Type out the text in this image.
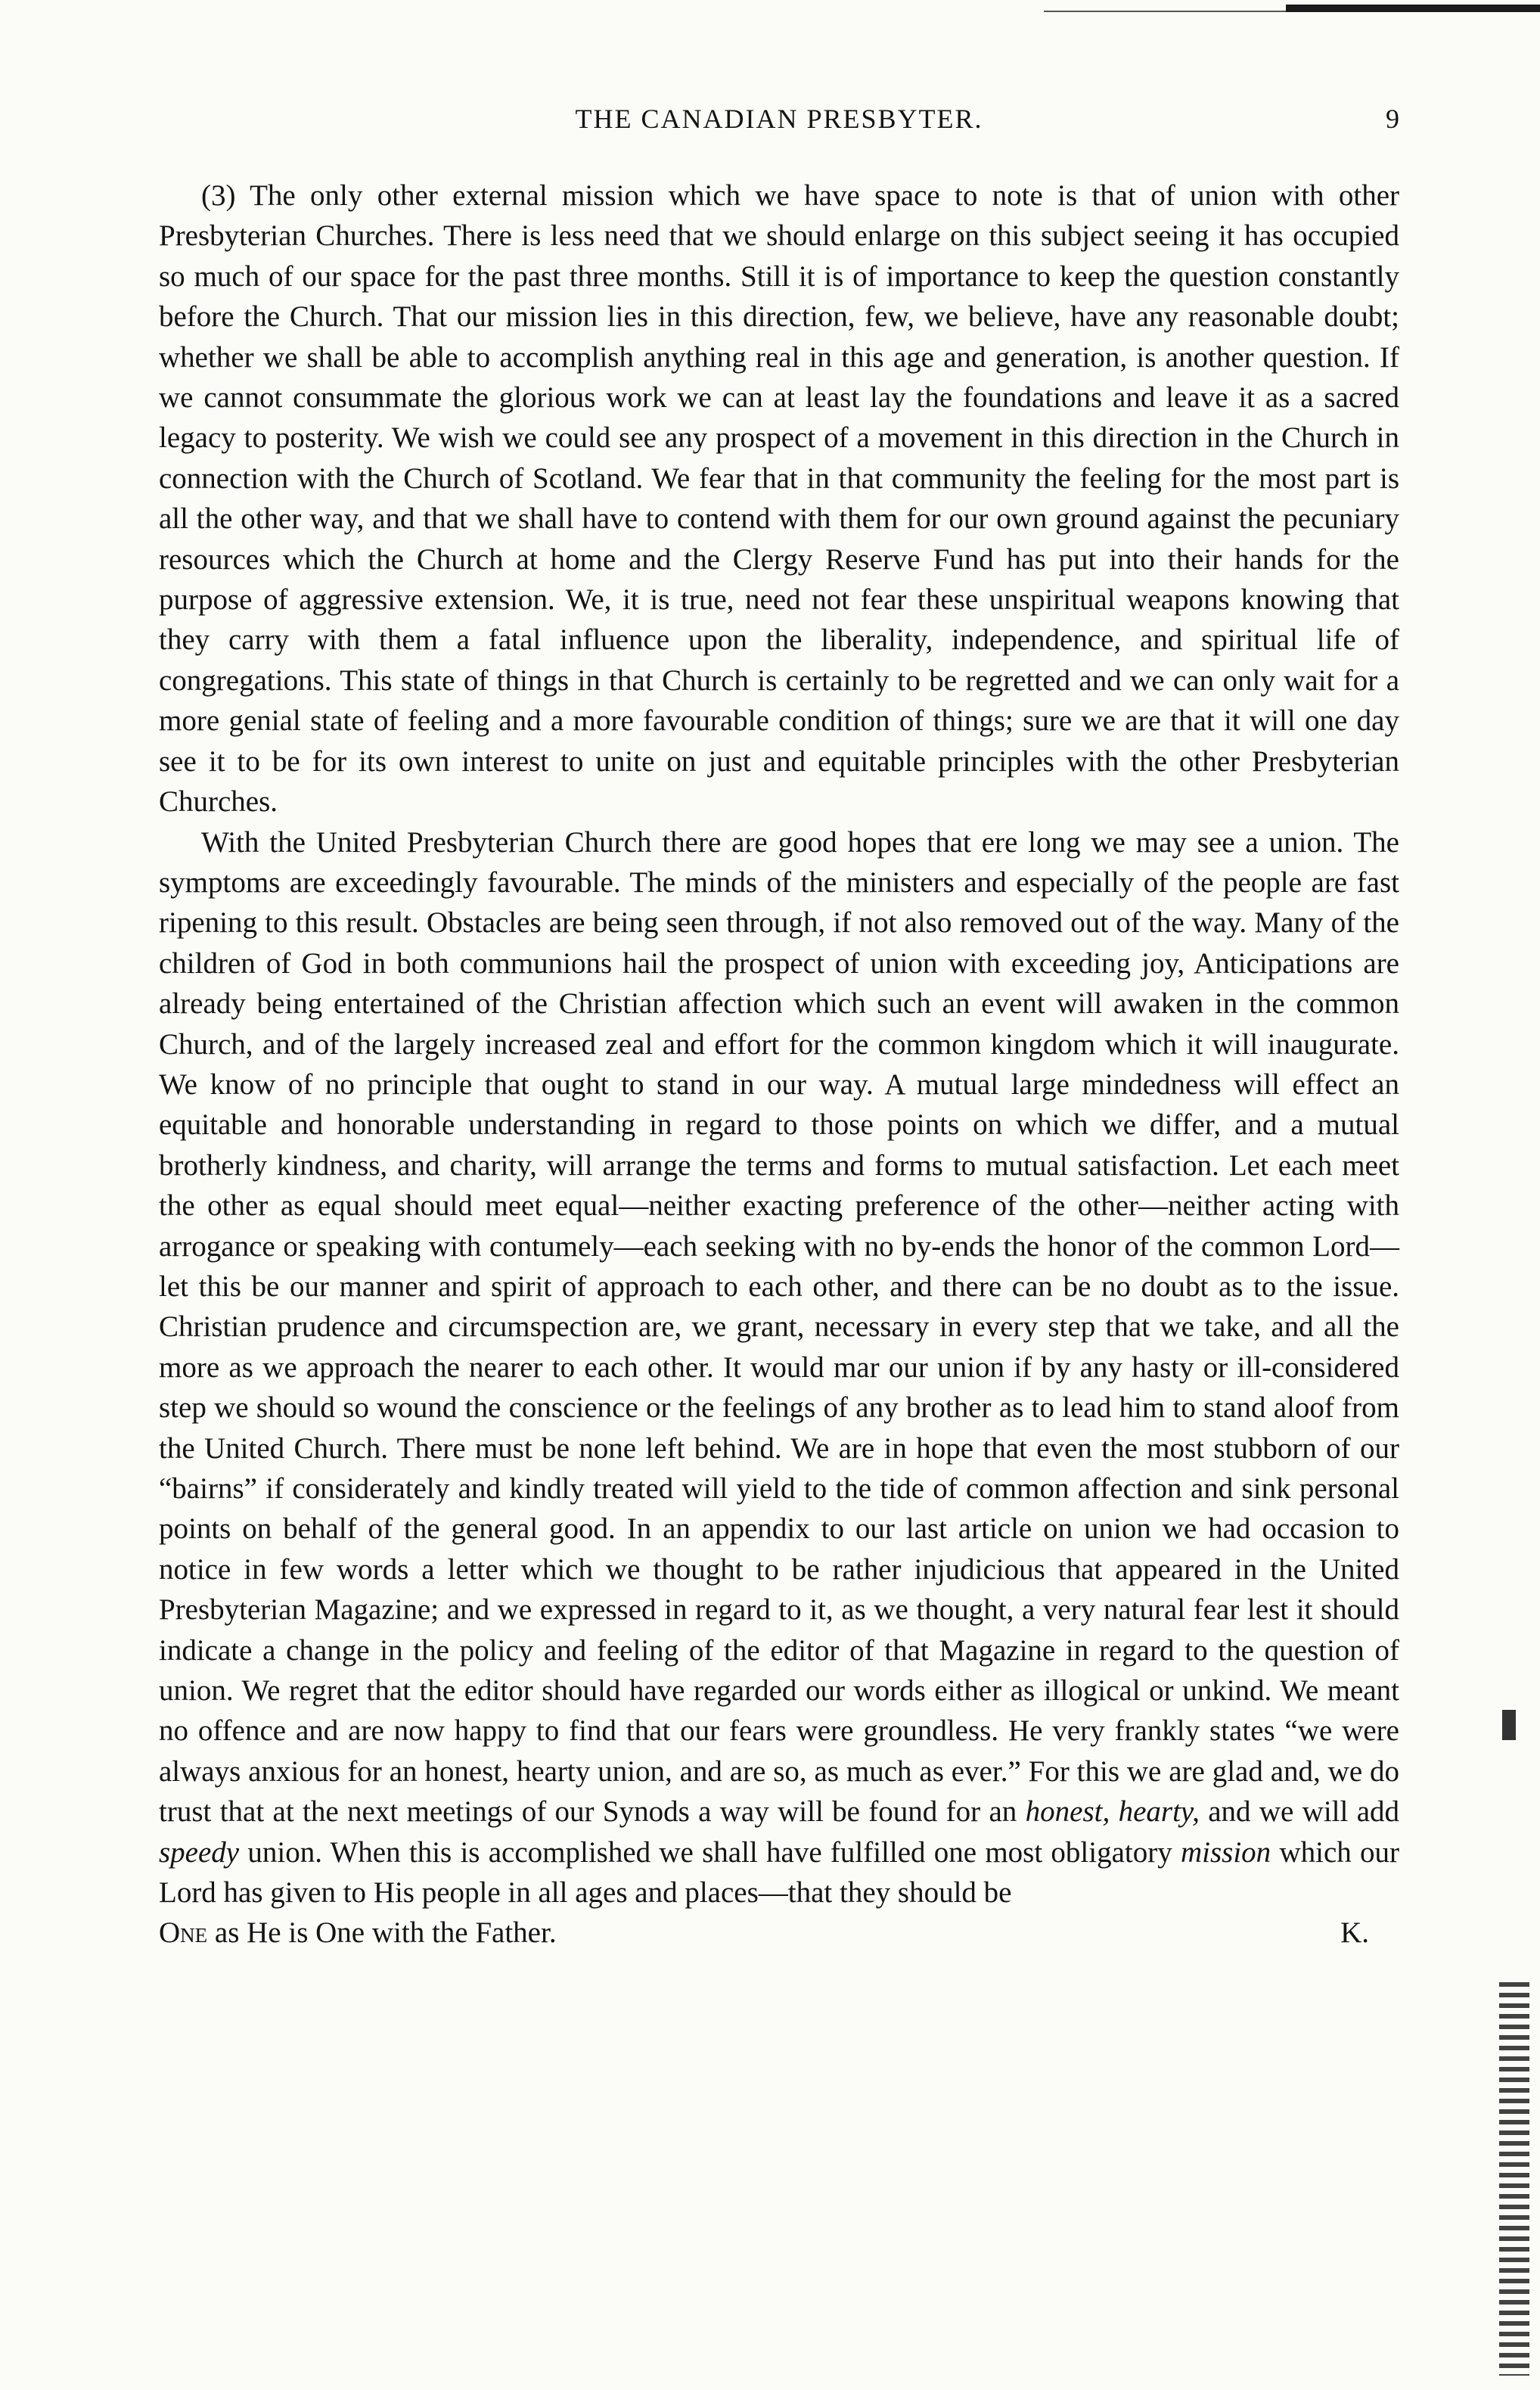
THE CANADIAN PRESBYTER.	9

(3) The only other external mission which we have space to note is that of union with other Presbyterian Churches. There is less need that we should enlarge on this subject seeing it has occupied so much of our space for the past three months. Still it is of importance to keep the question constantly before the Church. That our mission lies in this direction, few, we believe, have any reasonable doubt; whether we shall be able to accomplish anything real in this age and generation, is another question. If we cannot consummate the glorious work we can at least lay the foundations and leave it as a sacred legacy to posterity. We wish we could see any prospect of a movement in this direction in the Church in connection with the Church of Scotland. We fear that in that community the feeling for the most part is all the other way, and that we shall have to contend with them for our own ground against the pecuniary resources which the Church at home and the Clergy Reserve Fund has put into their hands for the purpose of aggressive extension. We, it is true, need not fear these unspiritual weapons knowing that they carry with them a fatal influence upon the liberality, independence, and spiritual life of congregations. This state of things in that Church is certainly to be regretted and we can only wait for a more genial state of feeling and a more favourable condition of things; sure we are that it will one day see it to be for its own interest to unite on just and equitable principles with the other Presbyterian Churches.

With the United Presbyterian Church there are good hopes that ere long we may see a union. The symptoms are exceedingly favourable. The minds of the ministers and especially of the people are fast ripening to this result. Obstacles are being seen through, if not also removed out of the way. Many of the children of God in both communions hail the prospect of union with exceeding joy, Anticipations are already being entertained of the Christian affection which such an event will awaken in the common Church, and of the largely increased zeal and effort for the common kingdom which it will inaugurate. We know of no principle that ought to stand in our way. A mutual large mindedness will effect an equitable and honorable understanding in regard to those points on which we differ, and a mutual brotherly kindness, and charity, will arrange the terms and forms to mutual satisfaction. Let each meet the other as equal should meet equal—neither exacting preference of the other—neither acting with arrogance or speaking with contumely—each seeking with no by-ends the honor of the common Lord—let this be our manner and spirit of approach to each other, and there can be no doubt as to the issue. Christian prudence and circumspection are, we grant, necessary in every step that we take, and all the more as we approach the nearer to each other. It would mar our union if by any hasty or ill-considered step we should so wound the conscience or the feelings of any brother as to lead him to stand aloof from the United Church. There must be none left behind. We are in hope that even the most stubborn of our “bairns” if considerately and kindly treated will yield to the tide of common affection and sink personal points on behalf of the general good. In an appendix to our last article on union we had occasion to notice in few words a letter which we thought to be rather injudicious that appeared in the United Presbyterian Magazine; and we expressed in regard to it, as we thought, a very natural fear lest it should indicate a change in the policy and feeling of the editor of that Magazine in regard to the question of union. We regret that the editor should have regarded our words either as illogical or unkind. We meant no offence and are now happy to find that our fears were groundless. He very frankly states “we were always anxious for an honest, hearty union, and are so, as much as ever.” For this we are glad and, we do trust that at the next meetings of our Synods a way will be found for an honest, hearty, and we will add speedy union. When this is accomplished we shall have fulfilled one most obligatory mission which our Lord has given to His people in all ages and places—that they should be

One as He is One with the Father.	K.
